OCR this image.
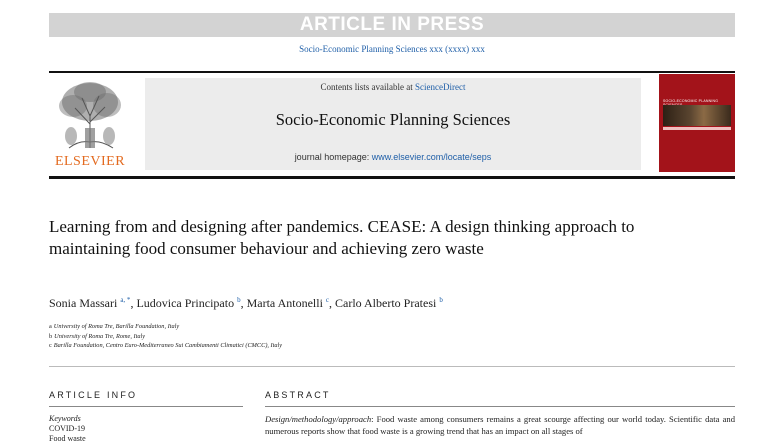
ARTICLE IN PRESS
Socio-Economic Planning Sciences xxx (xxxx) xxx
ELSEVIER
Contents lists available at ScienceDirect
Socio-Economic Planning Sciences
journal homepage: www.elsevier.com/locate/seps
SOCIO-ECONOMIC PLANNING
Learning from and designing after pandemics. CEASE: A design thinking approach to maintaining food consumer behaviour and achieving zero waste
Sonia Massari $^{a, *}$, Ludovica Principato $^b$, Marta Antonelli $^c$, Carlo Alberto Pratesi $^b$
a University of Roma Tre, Barilla Foundation, Italy
b University of Roma Tre, Rome, Italy
c Barilla Foundation, Centro Euro-Mediterraneo Sui Cambiamenti Climatici (CMCC), Italy
ARTICLE INFO
Keywords
COVID-19
Food waste
ABSTRACT
Design/methodology/approach: Food waste among consumers remains a great scourge affecting our world today. Scientific data and numerous reports show that food waste is a growing trend that has an impact on all stages of
